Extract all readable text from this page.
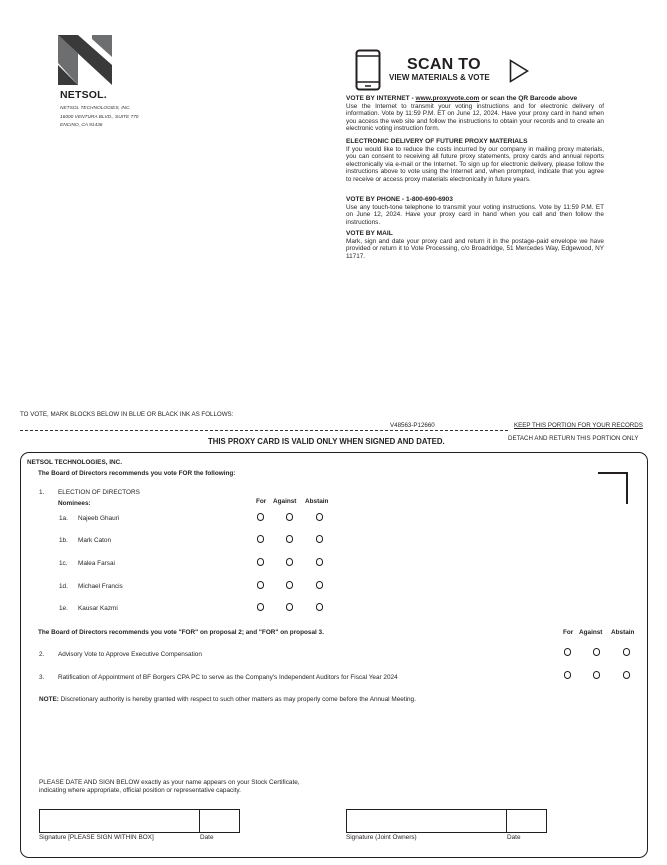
NETSOL.
NETSOL TECHNOLOGIES, INC.
16000 VENTURA BLVD., SUITE 770
ENCINO, CA 91436
SCAN TO
VIEW MATERIALS & VOTE
VOTE BY INTERNET - www.proxyvote.com or scan the QR Barcode above

Use the Internet to transmit your voting instructions and for electronic delivery of information. Vote by 11:59 P.M. ET on June 12, 2024. Have your proxy card in hand when you access the web site and follow the instructions to obtain your records and to create an electronic voting instruction form.

ELECTRONIC DELIVERY OF FUTURE PROXY MATERIALS

If you would like to reduce the costs incurred by our company in mailing proxy materials, you can consent to receiving all future proxy statements, proxy cards and annual reports electronically via e-mail or the Internet. To sign up for electronic delivery, please follow the instructions above to vote using the Internet and, when prompted, indicate that you agree to receive or access proxy materials electronically in future years.

VOTE BY PHONE - 1-800-690-6903

Use any touch-tone telephone to transmit your voting instructions. Vote by 11:59 P.M. ET on June 12, 2024. Have your proxy card in hand when you call and then follow the instructions.

VOTE BY MAIL

Mark, sign and date your proxy card and return it in the postage-paid envelope we have provided or return it to Vote Processing, c/o Broadridge, 51 Mercedes Way, Edgewood, NY 11717.

TO VOTE, MARK BLOCKS BELOW IN BLUE OR BLACK INK AS FOLLOWS:
V48563-P12660	KEEP THIS PORTION FOR YOUR RECORDS
DETACH AND RETURN THIS PORTION ONLY
THIS PROXY CARD IS VALID ONLY WHEN SIGNED AND DATED.
NETSOL TECHNOLOGIES, INC.
The Board of Directors recommends you vote FOR the following:
1. ELECTION OF DIRECTORS
Nominees:	For Against Abstain
1a. Najeeb Ghauri
1b. Mark Caton
1c. Malea Farsai
1d. Michael Francis
1e. Kausar Kazmi
The Board of Directors recommends you vote "FOR" on proposal 2; and "FOR" on proposal 3.	For Against Abstain
2. Advisory Vote to Approve Executive Compensation
3. Ratification of Appointment of BF Borgers CPA PC to serve as the Company's Independent Auditors for Fiscal Year 2024
NOTE: Discretionary authority is hereby granted with respect to such other matters as may properly come before the Annual Meeting.
PLEASE DATE AND SIGN BELOW exactly as your name appears on your Stock Certificate,
indicating where appropriate, official position or representative capacity.
Signature [PLEASE SIGN WITHIN BOX]	Date	Signature (Joint Owners)	Date
